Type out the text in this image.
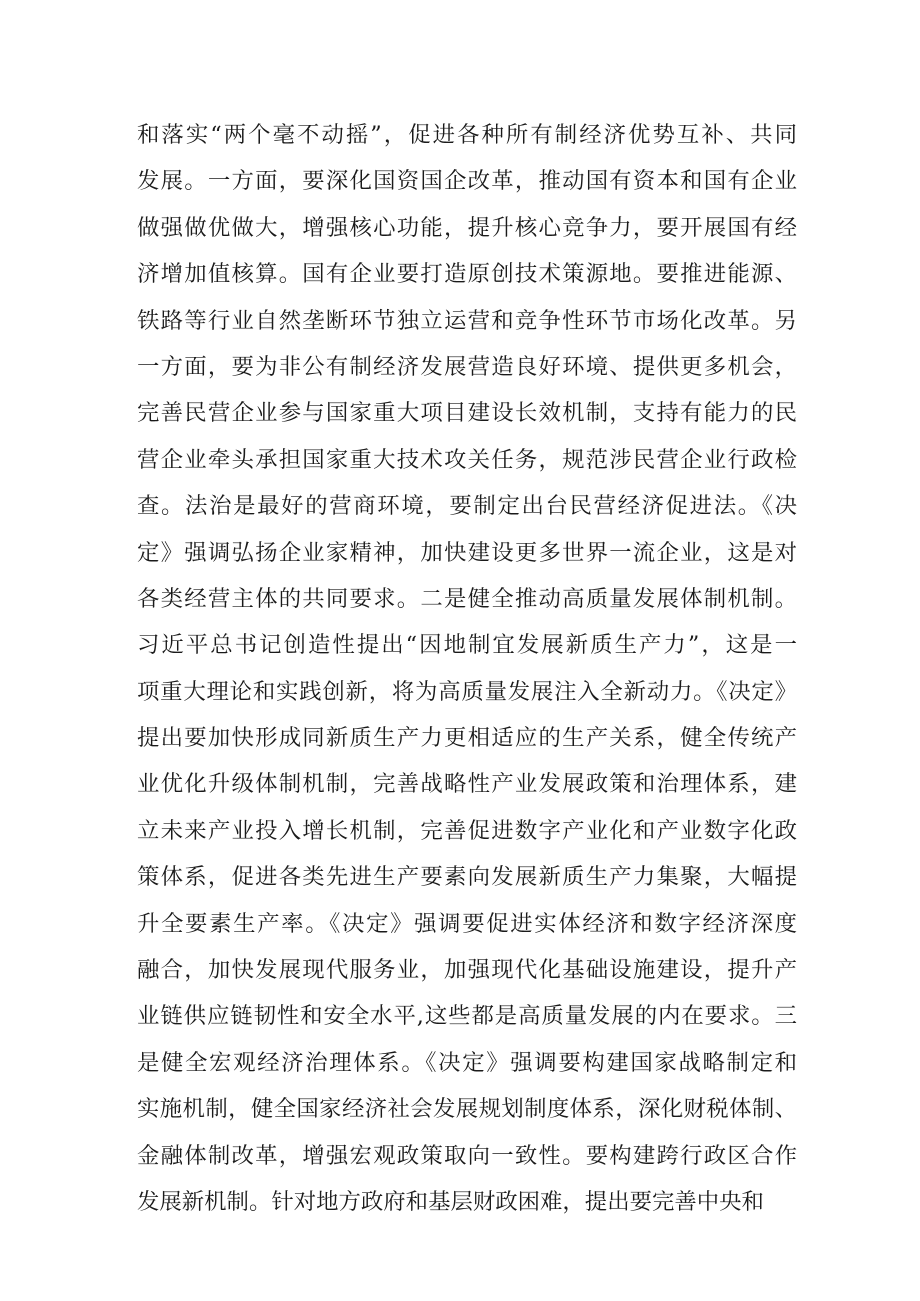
和落实“两个毫不动摇”，促进各种所有制经济优势互补、共同
发展。一方面，要深化国资国企改革，推动国有资本和国有企业
做强做优做大，增强核心功能，提升核心竞争力，要开展国有经
济增加值核算。国有企业要打造原创技术策源地。要推进能源、
铁路等行业自然垄断环节独立运营和竞争性环节市场化改革。另
一方面，要为非公有制经济发展营造良好环境、提供更多机会，
完善民营企业参与国家重大项目建设长效机制，支持有能力的民
营企业牵头承担国家重大技术攻关任务，规范涉民营企业行政检
查。法治是最好的营商环境，要制定出台民营经济促进法。《决
定》强调弘扬企业家精神，加快建设更多世界一流企业，这是对
各类经营主体的共同要求。二是健全推动高质量发展体制机制。
习近平总书记创造性提出“因地制宜发展新质生产力”，这是一
项重大理论和实践创新，将为高质量发展注入全新动力。《决定》
提出要加快形成同新质生产力更相适应的生产关系，健全传统产
业优化升级体制机制，完善战略性产业发展政策和治理体系，建
立未来产业投入增长机制，完善促进数字产业化和产业数字化政
策体系，促进各类先进生产要素向发展新质生产力集聚，大幅提
升全要素生产率。《决定》强调要促进实体经济和数字经济深度
融合，加快发展现代服务业，加强现代化基础设施建设，提升产
业链供应链韧性和安全水平,这些都是高质量发展的内在要求。三
是健全宏观经济治理体系。《决定》强调要构建国家战略制定和
实施机制，健全国家经济社会发展规划制度体系，深化财税体制、
金融体制改革，增强宏观政策取向一致性。要构建跨行政区合作
发展新机制。针对地方政府和基层财政困难，提出要完善中央和
